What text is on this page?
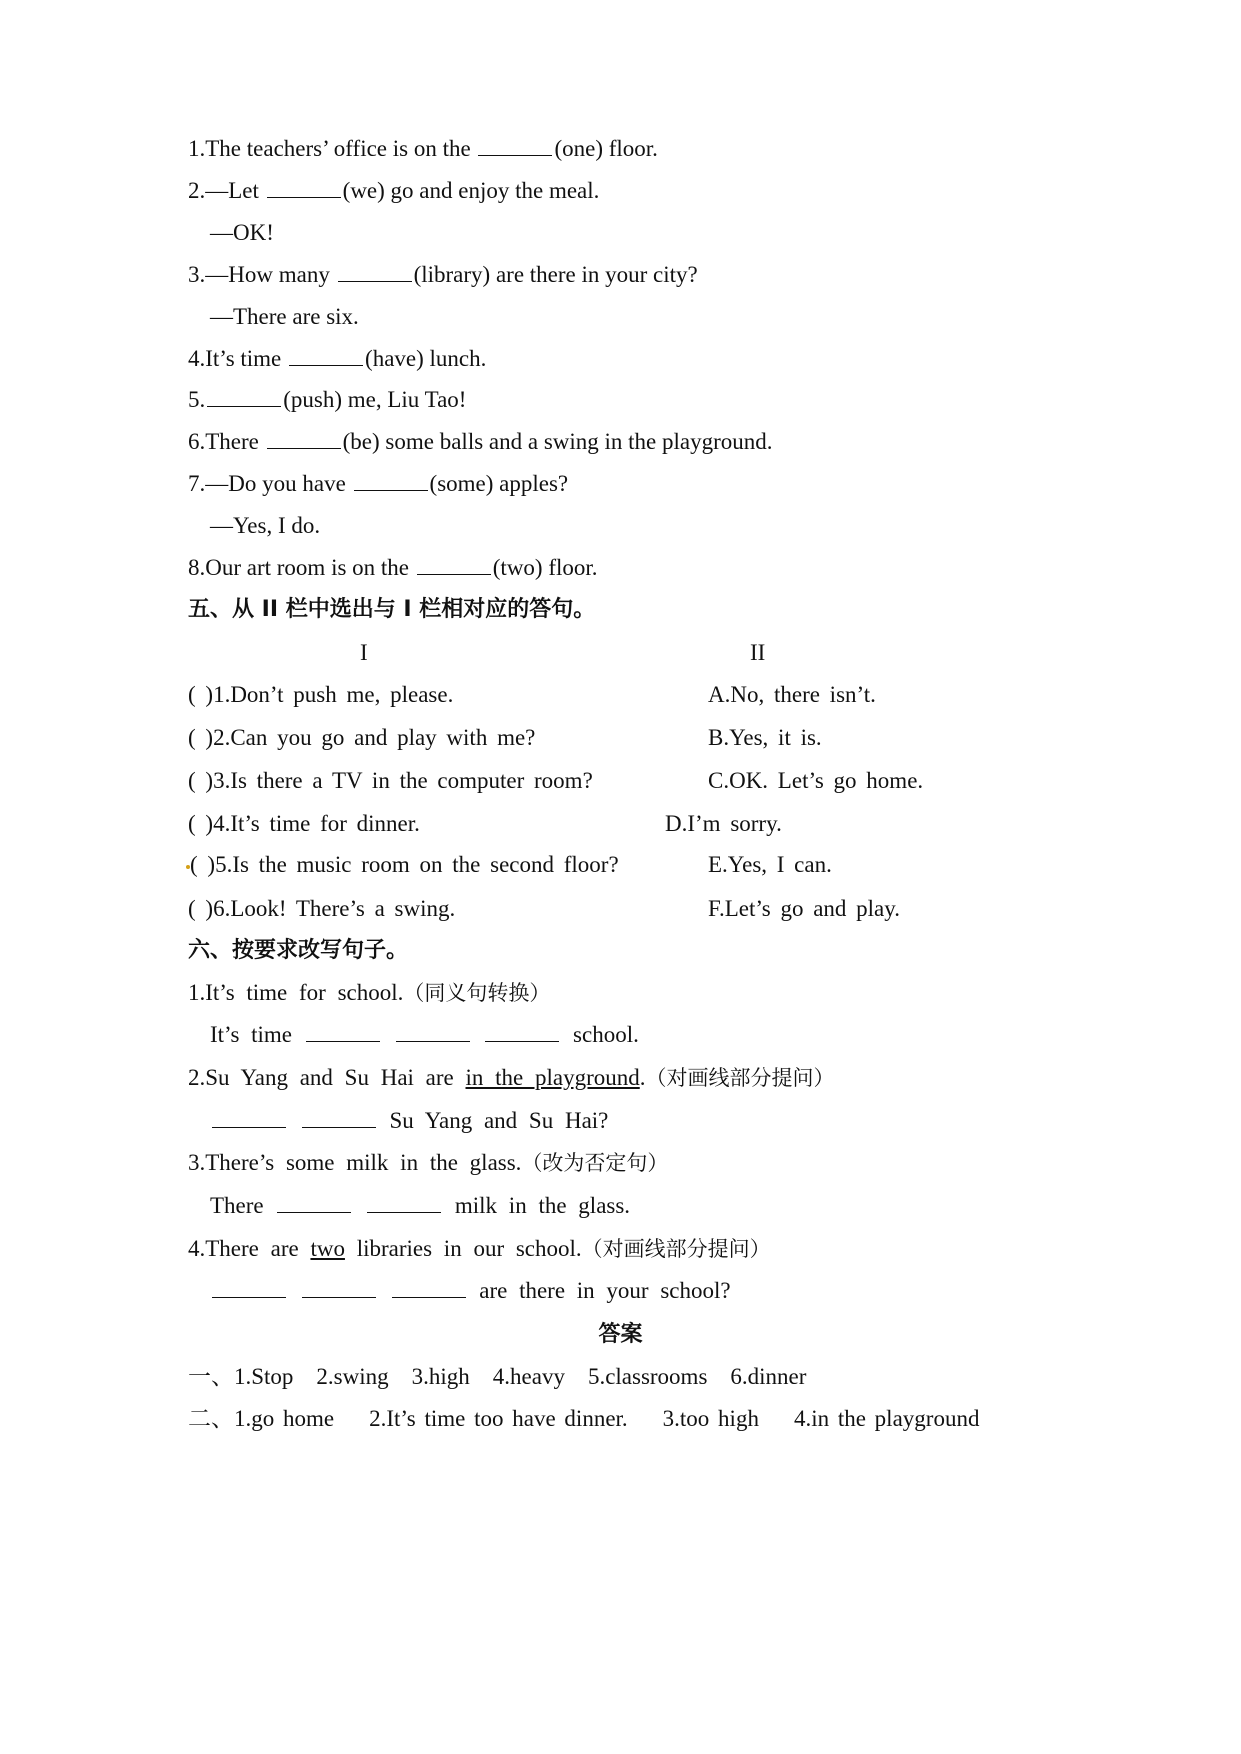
1.The teachers’ office is on the	(one) floor.
2.—Let	(we) go and enjoy the meal.
—OK!
3.—How many	(library) are there in your city?
—There are six.
4.It’s time	(have) lunch.
5.	(push) me, Liu Tao!
6.There	(be) some balls and a swing in the playground.
7.—Do you have	(some) apples?
—Yes, I do.
8.Our art room is on the	(two) floor.
五、从 II 栏中选出与 I 栏相对应的答句。
I	II
( )1.Don’t push me, please.	A.No, there isn’t.
( )2.Can you go and play with me?	B.Yes, it is.
( )3.Is there a TV in the computer room?	C.OK. Let’s go home.
( )4.It’s time for dinner.	D.I’m sorry.
( )5.Is the music room on the second floor?	E.Yes, I can.
( )6.Look! There’s a swing.	F.Let’s go and play.
六、按要求改写句子。
1.It’s time for school.（同义句转换）
It’s time	school.
2.Su Yang and Su Hai are in the playground.（对画线部分提问）
Su Yang and Su Hai?
3.There’s some milk in the glass.（改为否定句）
There	milk in the glass.
4.There are two libraries in our school.（对画线部分提问）
are there in your school?
答案
一、1.Stop    2.swing    3.high    4.heavy    5.classrooms    6.dinner
二、1.go home    2.It’s time too have dinner.    3.too high    4.in the playground
